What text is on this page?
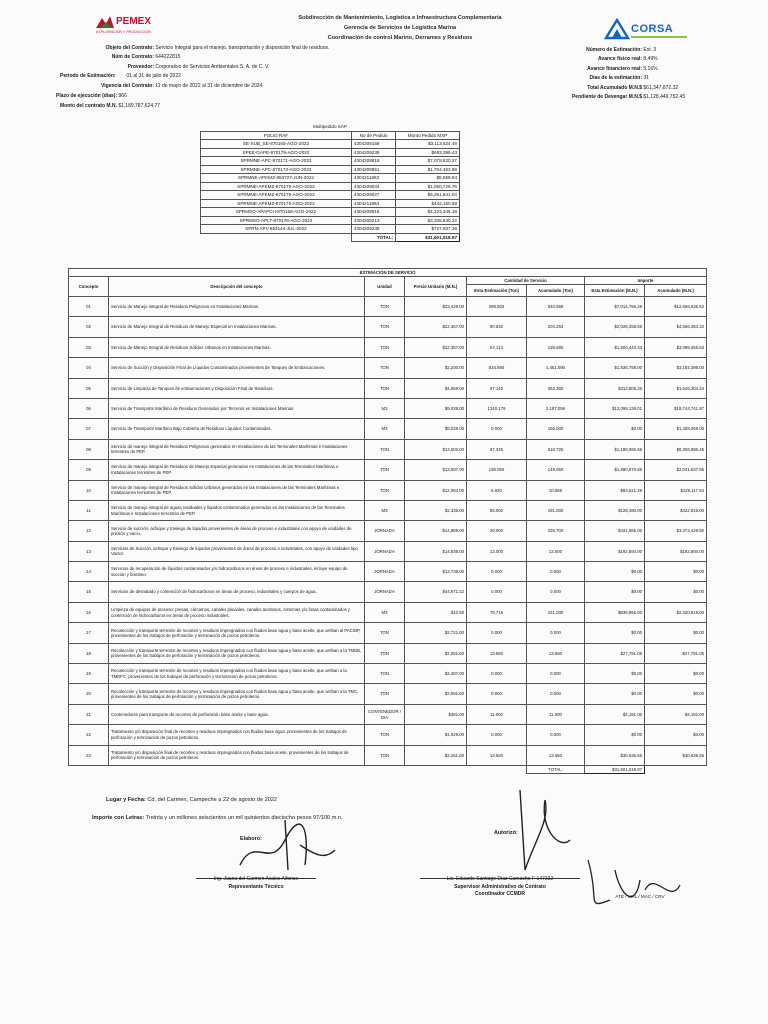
PEMEX
EXPLORACIÓN Y PRODUCCIÓN	CORSA
Subdirección de Mantenimiento, Logística e Infraestructura Complementaria
Gerencia de Servicios de Logística Marina
Coordinación de control Marino, Derrames y Residuos
Objeto del Contrato: Servicio Integral para el manejo, transportación y disposición final de residuos.
Núm de Contrato: 644222815
Proveedor: Corporativo de Servicios Ambientales S. A. de C. V.
Periodo de Estimación: 01 al 31 de julio de 2022
Vigencia del Contrato: 11 de mayo de 2022 al 31 de diciembre de 2024
Plazo de ejecución (días): 966
Monto del contrato M.N. $1,189,787,624.77
Número de Estimación: Est. 3
Avance físico real: 8.49%
Avance financiero real: 5.16%
Días de la estimación: 31
Total Acumulado M.N.$ $61,347,872.32
Pendiente de Devengar M.N.$ $1,128,449,752.45
Multipedido SAP		
FOLIO RAF	No de Pedido	Monto Pedido MXP
SE-SUB_SE-870165-AGO-2022	4304208158	$3,113,524.49
SPEE-GAPE-870179-AGO-2022	4304209239	$693,399.43
SPRMNE-APC-870171-AGO-2022	4304208818	$7,079,820.27
SPRMNE-APC-870173-AGO-2022	4304208851	$1,704,463.89
SPRMNE-APKMZ-853727-JUN-2022	4304211963	$5,558.84
SPRMNE-APKMZ-870175-AGO-2022	4304209034	$1,050,729.76
SPRMNE-APKMZ-870175-AGO-2022	4304209027	$9,251,841.04
SPRMNE-APKMZ-870175-AGO-2022	4304211964	$442,160.88
SPRMSO-APAPCH-870168-AGO-2022	4304208816	$4,223,346.19
SPRMSO-APLT-870176-AGO-2022	4304209213	$3,335,840.22
SPRN-APV-853144-JUL-2022	4304209238	$727,637.36
	TOTAL:	$31,601,518.97
ESTIMACIÓN DE SERVICIO							
Concepto	Descripción del concepto	Unidad	Precio Unitario (M.N.)	Cantidad de Servicio		Importe	
				Esta Estimación (Ton)	Acumulado (Ton)	Esta Estimación (M.N.)	Acumulado (M.N.)
01	Servicio de Manejo integral de Residuos Peligrosos en Instalaciones Marinas.	TON	$23,428.00	298.503	540.658	$7,014,756.28	$12,666,535.62
02	Servicio de Manejo Integral de Residuos de Manejo Especial en Instalaciones Marinas.	TON	$22,357.00	90.632	204.253	$2,026,259.66	$4,566,484.32
03	Servicio de Manejo Integral de Residuos Sólidos Urbanos en Instalaciones Marinas.	TON	$22,357.00	67.113	138.590	$1,500,443.33	$3,098,456.63
04	Servicio de Succión y Disposición Final de Líquidos Contaminados provenientes de Tanques de Embarcaciones.	TON	$2,200.00	834.890	1,451.090	$1,836,758.00	$3,192,398.00
05	Servicio de Limpieza de Tanques de embarcaciones y Disposición Final de Residuos.	TON	$4,659.00	67.140	353.360	$312,805.26	$1,646,304.24
06	Servicio de Transporte Marítimo de Residuos Generados por Terceros en Instalaciones Marinas.	M3	$9,028.00	1340.179	2,187.056	$12,099,136.01	$19,744,741.87
07	Servicio de Transporte Marítimo Bajo Cubierta de Residuos Líquidos Contaminados.	M3	$9,028.00	0.000	156.000	$0.00	$1,408,368.00
08	Servicio de manejo integral de Residuos Peligrosos generados en Instalaciones de las Terminales Marítimas e Instalaciones terrestres de PEP.	TON	$13,602.00	87.345	610.725	$1,188,066.69	$8,306,996.45
09	Servicio de manejo integral de Residuos de Manejo Especial generados en Instalaciones de las Terminales Marítimas e Instalaciones terrestres de PEP.	TON	$13,697.00	138.050	149.050	$1,890,870.85	$2,041,537.85
10	Servicio de manejo integral de Residuos Sólidos Urbanos generados en las Instalaciones de las Terminales Marítimas e Instalaciones terrestres de PEP.	TON	$12,084.00	6.920	10.665	$83,621.28	$129,117.54
11	Servicio de manejo integral de aguas residuales y líquidos contaminados generados en las Instalaciones de las Terminales Marítimas e Instalaciones terrestres de PEP.	M3	$2,336.00	55.000	181.000	$128,480.00	$422,816.00
12	Servicio de succión, achique y trasiego de líquidos provenientes de áreas de proceso e industriales con apoyo de unidades de presión y vacío.	JORNADA	$14,885.00	29.000	226.700	$431,665.00	$3,374,429.50
13	Servicios de Succión, achique y trasiego de líquidos provenientes de áreas de proceso e industriales, con apoyo de unidades tipo Vactor.	JORNADA	$14,838.00	13.000	13.000	$192,894.00	$192,894.00
14	Servicios de recuperación de líquidos contaminados y/o hidrocarburos en áreas de proceso e industriales, incluye equipo de succión y bombeo.	JORNADA	$13,739.00	0.000	0.000	$0.00	$0.00
15	Servicios de desnatado y contención de hidrocarburos en áreas de proceso, industriales y cuerpos de agua.	JORNADA	$44,971.22	0.000	0.000	$0.00	$0.00
16	Limpieza de equipos de proceso: presas, cárcamos, canales pluviales, canales aceitosos, cisternas y/o fosas contaminados y contención de hidrocarburos en áreas de proceso industriales.	M3	$10.50	79,716	221,030	$836,955.00	$2,320,815.00
17	Recolección y transporte terrestre de recortes y residuos impregnados con fluidos base agua y base aceite, que arriban al PAC/BP, provenientes de los trabajos de perforación y terminación de pozos petroleros.	TON	$2,721.00	0.000	0.000	$0.00	$0.00
18	Recolección y transporte terrestre de recortes y residuos impregnados con fluidos base agua y base aceite, que arriban a la TMDB, provenientes de los trabajos de perforación y terminación de pozos petroleros.	TON	$2,051.00	13.550	13.550	$27,791.05	$27,791.05
19	Recolección y transporte terrestre de recortes y residuos impregnados con fluidos base agua y base aceite, que arriban a la TMDFC, provenientes de los trabajos de perforación y terminación de pozos petroleros.	TON	$2,487.00	0.000	0.000	$0.00	$0.00
20	Recolección y transporte terrestre de recortes y residuos impregnados con fluidos base agua y base aceite, que arriban a la TMC, provenientes de los trabajos de perforación y terminación de pozos petroleros.	TON	$2,591.00	0.000	0.000	$0.00	$0.00
21	Contenedores para transporte de recortes de perforación base aceite y base agua.	CONTENEDOR / DIA	$381.00	11.000	11.000	$4,191.00	$4,191.00
22	Tratamiento y/o disposición final de recortes y residuos impregnados con fluidos base agua, provenientes de los trabajos de perforación y terminación de pozos petroleros.	TON	$1,925.00	0.000	0.000	$0.00	$0.00
23	Tratamiento y/o disposición final de recortes y residuos impregnados con fluidos base aceite, provenientes de los trabajos de perforación y terminación de pozos petroleros.	TON	$2,261.00	13.550	13.550	$30,636.55	$30,636.55
					TOTAL:	$31,601,518.97	
Lugar y Fecha: Cd. del Carmen, Campeche a 22 de agosto de 2022
Importe con Letras: Treinta y un millones seiscientos un mil quinientos dieciocho pesos 97/100 m.n.
Elaboro:
Autorizó:
Ing. Juana del Carmen Avalos Alfonso
Representante Técnico
Lic. Eduardo Santiago Díaz Camacho F-147332
Supervisor Administrativo de Contrato
Coordinador CCMDR	ATE / MAL / MAC / CRV
